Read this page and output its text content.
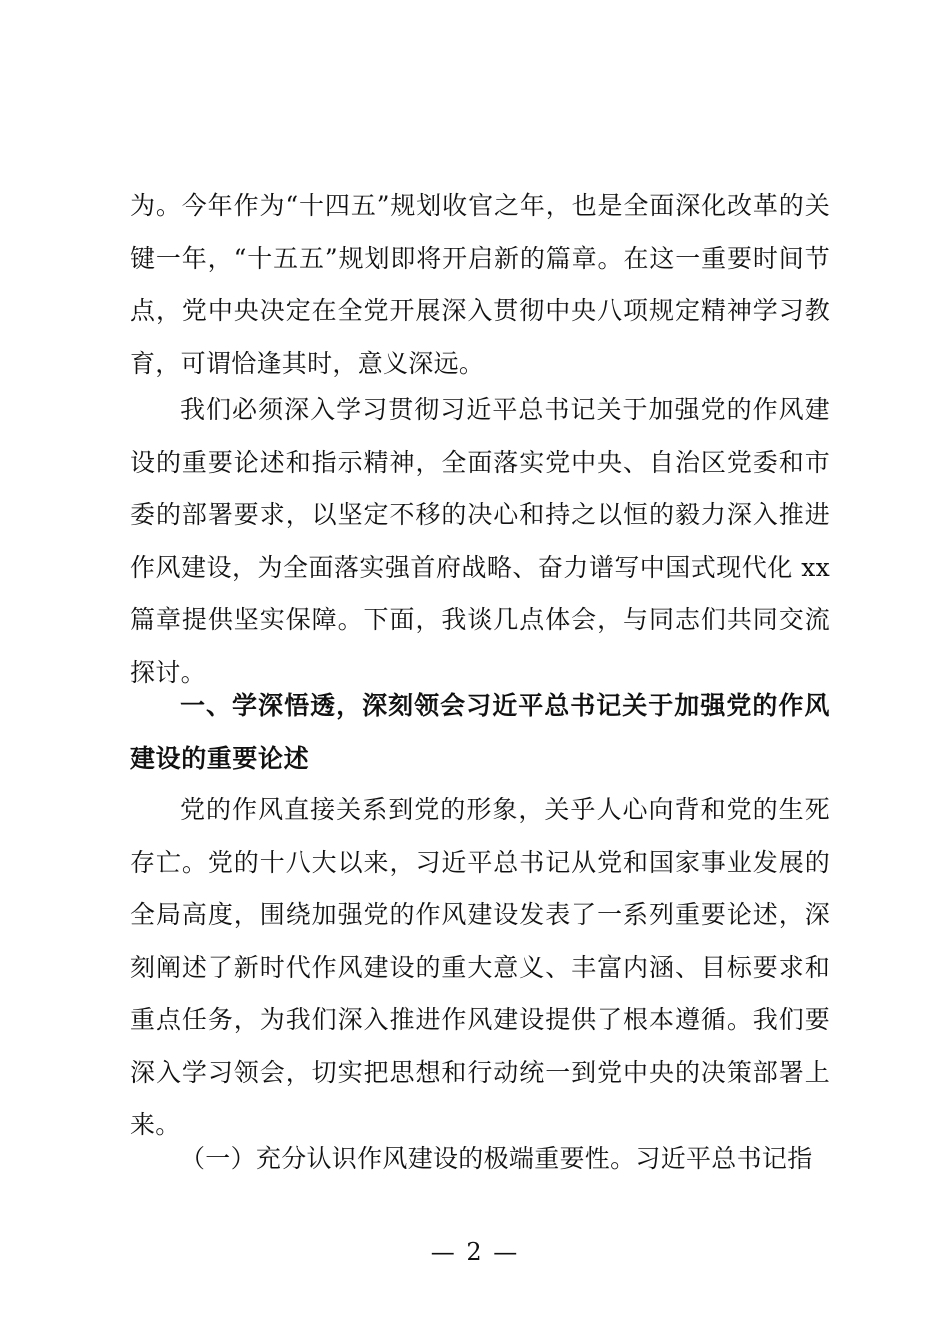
为。今年作为“十四五”规划收官之年，也是全面深化改革的关键一年，“十五五”规划即将开启新的篇章。在这一重要时间节点，党中央决定在全党开展深入贯彻中央八项规定精神学习教育，可谓恰逢其时，意义深远。

我们必须深入学习贯彻习近平总书记关于加强党的作风建设的重要论述和指示精神，全面落实党中央、自治区党委和市委的部署要求，以坚定不移的决心和持之以恒的毅力深入推进作风建设，为全面落实强首府战略、奋力谱写中国式现代化 xx 篇章提供坚实保障。下面，我谈几点体会，与同志们共同交流探讨。

一、学深悟透，深刻领会习近平总书记关于加强党的作风建设的重要论述

党的作风直接关系到党的形象，关乎人心向背和党的生死存亡。党的十八大以来，习近平总书记从党和国家事业发展的全局高度，围绕加强党的作风建设发表了一系列重要论述，深刻阐述了新时代作风建设的重大意义、丰富内涵、目标要求和重点任务，为我们深入推进作风建设提供了根本遵循。我们要深入学习领会，切实把思想和行动统一到党中央的决策部署上来。

（一）充分认识作风建设的极端重要性。习近平总书记指

— 2 —
